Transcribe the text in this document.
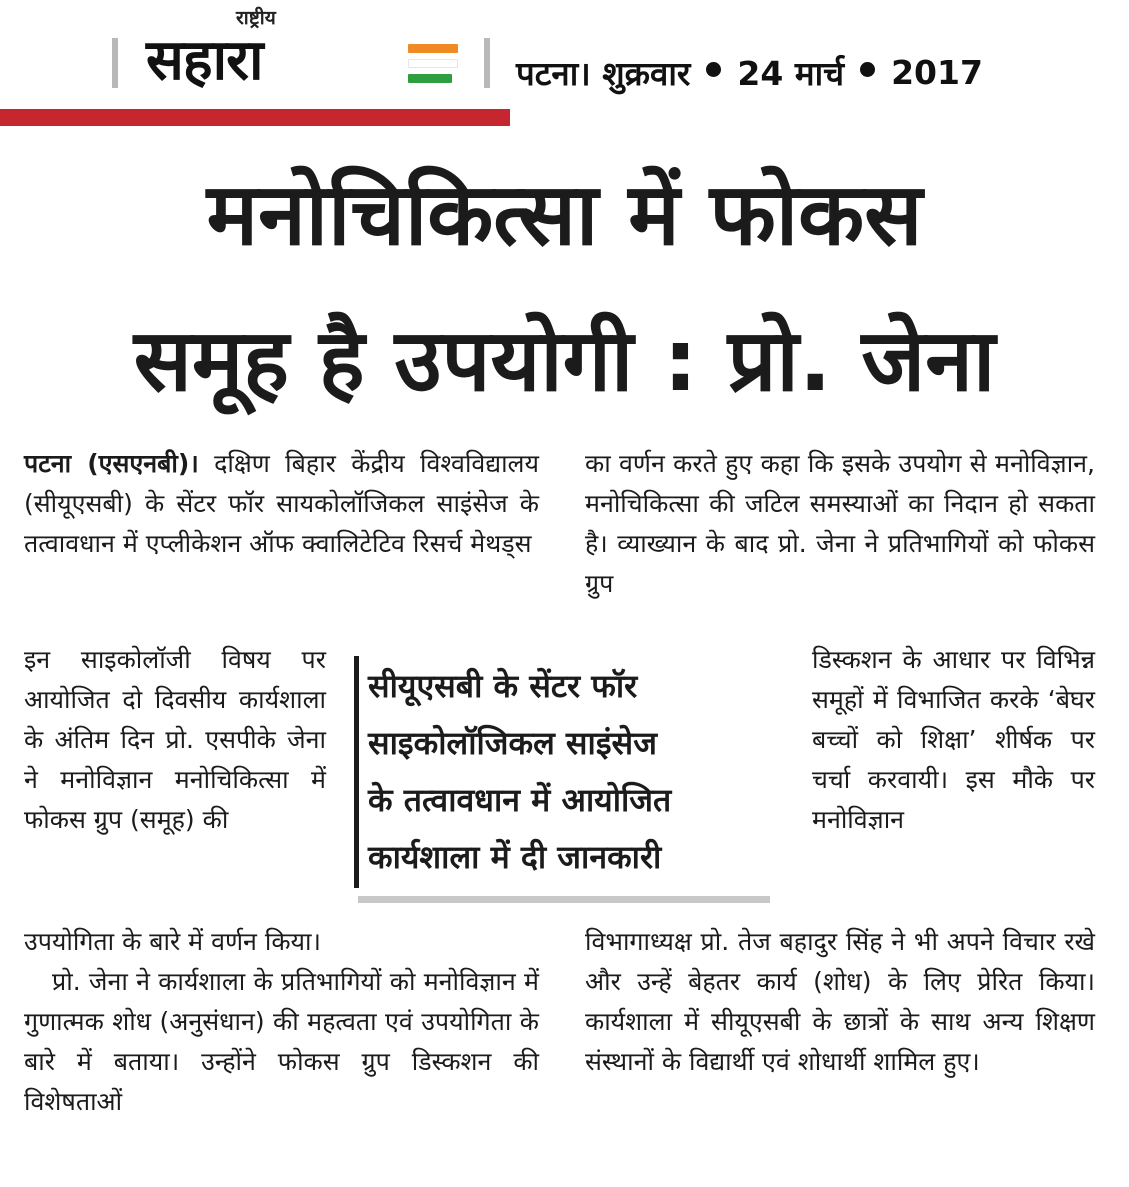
राष्ट्रीय
सहारा	पटना। शुक्रवार 24 मार्च 2017
मनोचिकित्सा में फोकस
समूह है उपयोगी : प्रो. जेना

पटना (एसएनबी)। दक्षिण बिहार केंद्रीय विश्वविद्यालय (सीयूएसबी) के सेंटर फॉर सायकोलॉजिकल साइंसेज के तत्वावधान में एप्लीकेशन ऑफ क्वालिटेटिव रिसर्च मेथड्स

इन साइकोलॉजी विषय पर आयोजित दो दिवसीय कार्यशाला के अंतिम दिन प्रो. एसपीके जेना ने मनोविज्ञान मनोचिकित्सा में फोकस ग्रुप (समूह) की

उपयोगिता के बारे में वर्णन किया।

प्रो. जेना ने कार्यशाला के प्रतिभागियों को मनोविज्ञान में गुणात्मक शोध (अनुसंधान) की महत्वता एवं उपयोगिता के बारे में बताया। उन्होंने फोकस ग्रुप डिस्कशन की विशेषताओं

सीयूएसबी के सेंटर फॉर
साइकोलॉजिकल साइंसेज
के तत्वावधान में आयोजित
कार्यशाला में दी जानकारी

का वर्णन करते हुए कहा कि इसके उपयोग से मनोविज्ञान, मनोचिकित्सा की जटिल समस्याओं का निदान हो सकता है। व्याख्यान के बाद प्रो. जेना ने प्रतिभागियों को फोकस ग्रुप

डिस्कशन के आधार पर विभिन्न समूहों में विभाजित करके ‘बेघर बच्चों को शिक्षा’ शीर्षक पर चर्चा करवायी। इस मौके पर मनोविज्ञान

विभागाध्यक्ष प्रो. तेज बहादुर सिंह ने भी अपने विचार रखे और उन्हें बेहतर कार्य (शोध) के लिए प्रेरित किया। कार्यशाला में सीयूएसबी के छात्रों के साथ अन्य शिक्षण संस्थानों के विद्यार्थी एवं शोधार्थी शामिल हुए।
